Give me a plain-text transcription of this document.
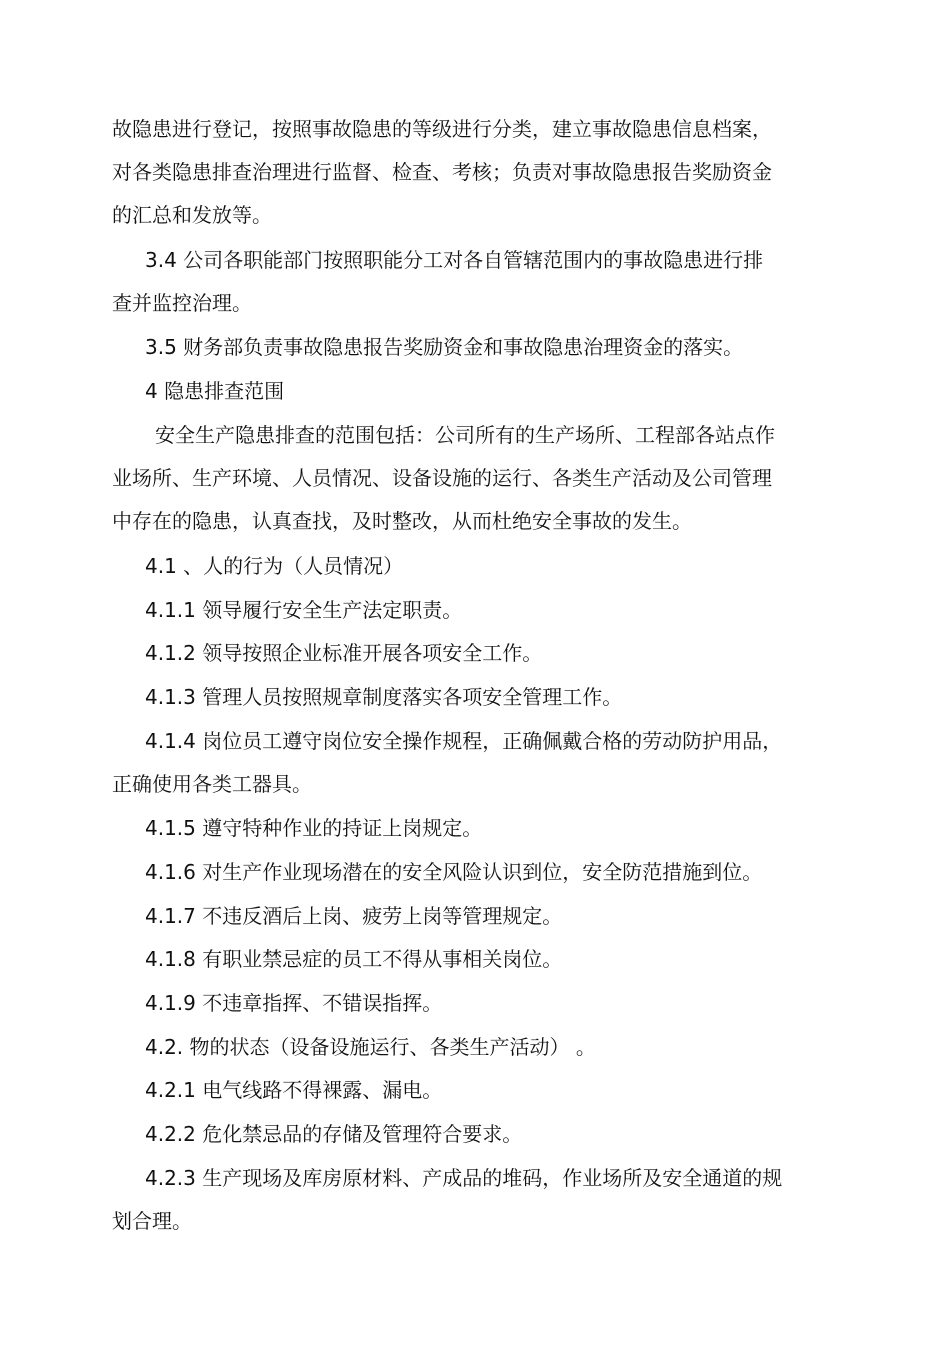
故隐患进行登记，按照事故隐患的等级进行分类，建立事故隐患信息档案，
对各类隐患排查治理进行监督、检查、考核；负责对事故隐患报告奖励资金
的汇总和发放等。
3.4 公司各职能部门按照职能分工对各自管辖范围内的事故隐患进行排
查并监控治理。
3.5 财务部负责事故隐患报告奖励资金和事故隐患治理资金的落实。
4 隐患排查范围
安全生产隐患排查的范围包括：公司所有的生产场所、工程部各站点作
业场所、生产环境、人员情况、设备设施的运行、各类生产活动及公司管理
中存在的隐患，认真查找，及时整改，从而杜绝安全事故的发生。
4.1 、人的行为（人员情况）
4.1.1 领导履行安全生产法定职责。
4.1.2 领导按照企业标准开展各项安全工作。
4.1.3 管理人员按照规章制度落实各项安全管理工作。
4.1.4 岗位员工遵守岗位安全操作规程，正确佩戴合格的劳动防护用品，
正确使用各类工器具。
4.1.5 遵守特种作业的持证上岗规定。
4.1.6 对生产作业现场潜在的安全风险认识到位，安全防范措施到位。
4.1.7 不违反酒后上岗、疲劳上岗等管理规定。
4.1.8 有职业禁忌症的员工不得从事相关岗位。
4.1.9 不违章指挥、不错误指挥。
4.2. 物的状态（设备设施运行、各类生产活动） 。
4.2.1 电气线路不得裸露、漏电。
4.2.2 危化禁忌品的存储及管理符合要求。
4.2.3 生产现场及库房原材料、产成品的堆码，作业场所及安全通道的规
划合理。
